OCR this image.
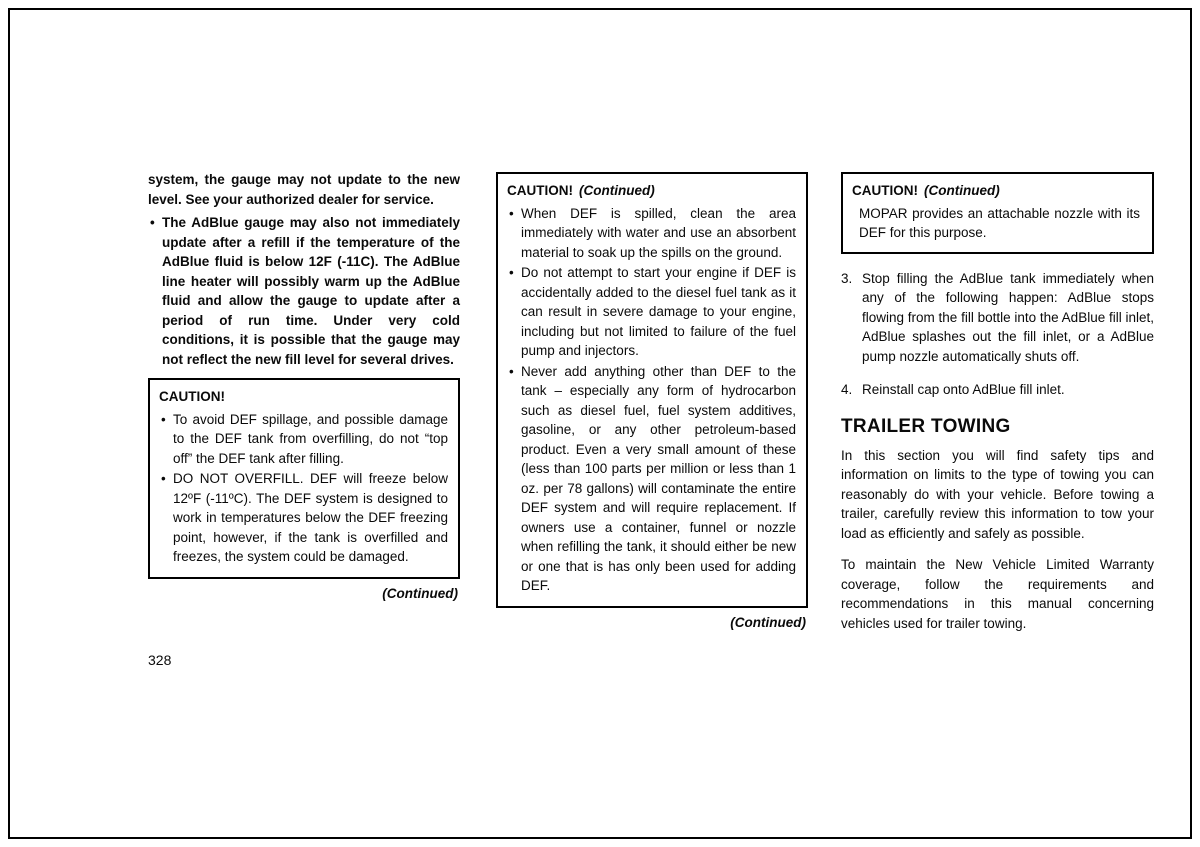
system, the gauge may not update to the new level. See your authorized dealer for service.

• The AdBlue gauge may also not immediately update after a refill if the temperature of the AdBlue fluid is below 12F (-11C). The AdBlue line heater will possibly warm up the AdBlue fluid and allow the gauge to update after a period of run time. Under very cold conditions, it is possible that the gauge may not reflect the new fill level for several drives.
CAUTION!
• To avoid DEF spillage, and possible damage to the DEF tank from overfilling, do not “top off” the DEF tank after filling.
• DO NOT OVERFILL. DEF will freeze below 12ºF (-11ºC). The DEF system is designed to work in temperatures below the DEF freezing point, however, if the tank is overfilled and freezes, the system could be damaged.
(Continued)
CAUTION! (Continued)
• When DEF is spilled, clean the area immediately with water and use an absorbent material to soak up the spills on the ground.
• Do not attempt to start your engine if DEF is accidentally added to the diesel fuel tank as it can result in severe damage to your engine, including but not limited to failure of the fuel pump and injectors.
• Never add anything other than DEF to the tank – especially any form of hydrocarbon such as diesel fuel, fuel system additives, gasoline, or any other petroleum-based product. Even a very small amount of these (less than 100 parts per million or less than 1 oz. per 78 gallons) will contaminate the entire DEF system and will require replacement. If owners use a container, funnel or nozzle when refilling the tank, it should either be new or one that is has only been used for adding DEF.
(Continued)
CAUTION! (Continued)

MOPAR provides an attachable nozzle with its DEF for this purpose.

3. Stop filling the AdBlue tank immediately when any of the following happen: AdBlue stops flowing from the fill bottle into the AdBlue fill inlet, AdBlue splashes out the fill inlet, or a AdBlue pump nozzle automatically shuts off.
4. Reinstall cap onto AdBlue fill inlet.
TRAILER TOWING

In this section you will find safety tips and information on limits to the type of towing you can reasonably do with your vehicle. Before towing a trailer, carefully review this information to tow your load as efficiently and safely as possible.

To maintain the New Vehicle Limited Warranty coverage, follow the requirements and recommendations in this manual concerning vehicles used for trailer towing.

328
